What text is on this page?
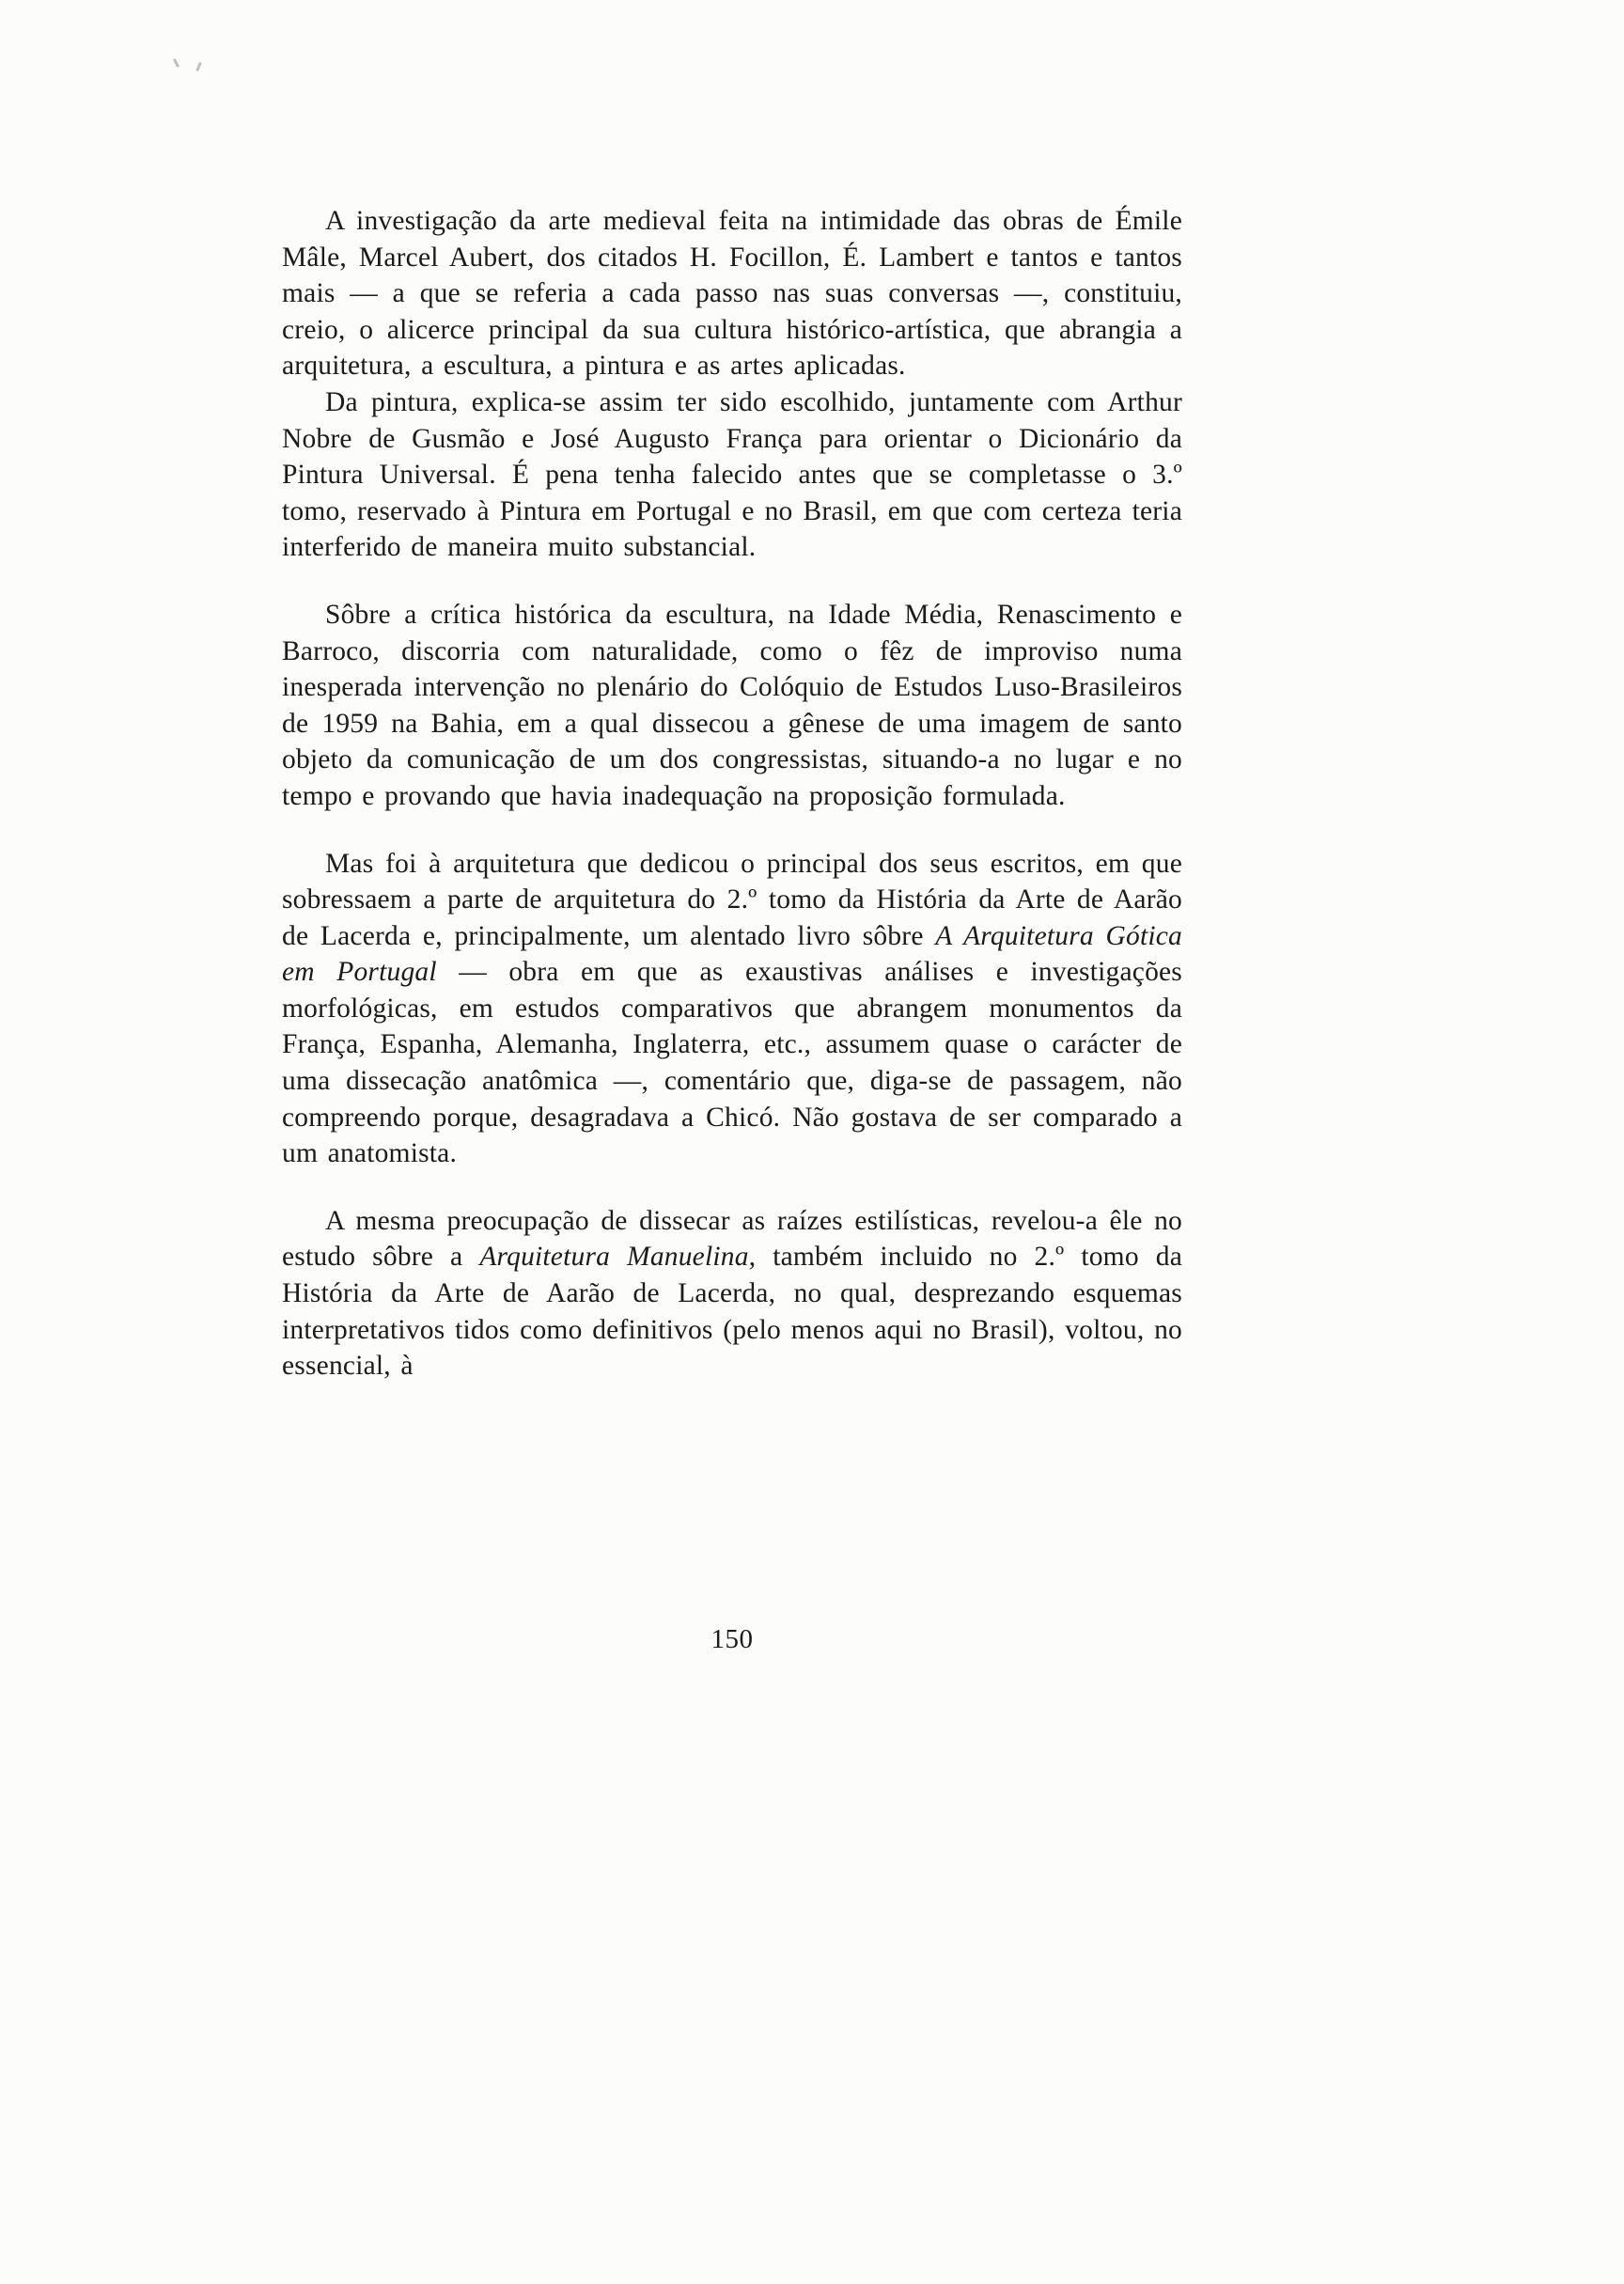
A investigação da arte medieval feita na intimidade das obras de Émile Mâle, Marcel Aubert, dos citados H. Focillon, É. Lambert e tantos e tantos mais — a que se referia a cada passo nas suas conversas —, constituiu, creio, o alicerce principal da sua cultura histórico-artística, que abrangia a arquitetura, a escultura, a pintura e as artes aplicadas.

Da pintura, explica-se assim ter sido escolhido, juntamente com Arthur Nobre de Gusmão e José Augusto França para orientar o Dicionário da Pintura Universal. É pena tenha falecido antes que se completasse o 3.º tomo, reservado à Pintura em Portugal e no Brasil, em que com certeza teria interferido de maneira muito substancial.

Sôbre a crítica histórica da escultura, na Idade Média, Renascimento e Barroco, discorria com naturalidade, como o fêz de improviso numa inesperada intervenção no plenário do Colóquio de Estudos Luso-Brasileiros de 1959 na Bahia, em a qual dissecou a gênese de uma imagem de santo objeto da comunicação de um dos congressistas, situando-a no lugar e no tempo e provando que havia inadequação na proposição formulada.

Mas foi à arquitetura que dedicou o principal dos seus escritos, em que sobressaem a parte de arquitetura do 2.º tomo da História da Arte de Aarão de Lacerda e, principalmente, um alentado livro sôbre A Arquitetura Gótica em Portugal — obra em que as exaustivas análises e investigações morfológicas, em estudos comparativos que abrangem monumentos da França, Espanha, Alemanha, Inglaterra, etc., assumem quase o carácter de uma dissecação anatômica —, comentário que, diga-se de passagem, não compreendo porque, desagradava a Chicó. Não gostava de ser comparado a um anatomista.

A mesma preocupação de dissecar as raízes estilísticas, revelou-a êle no estudo sôbre a Arquitetura Manuelina, também incluido no 2.º tomo da História da Arte de Aarão de Lacerda, no qual, desprezando esquemas interpretativos tidos como definitivos (pelo menos aqui no Brasil), voltou, no essencial, à

150
